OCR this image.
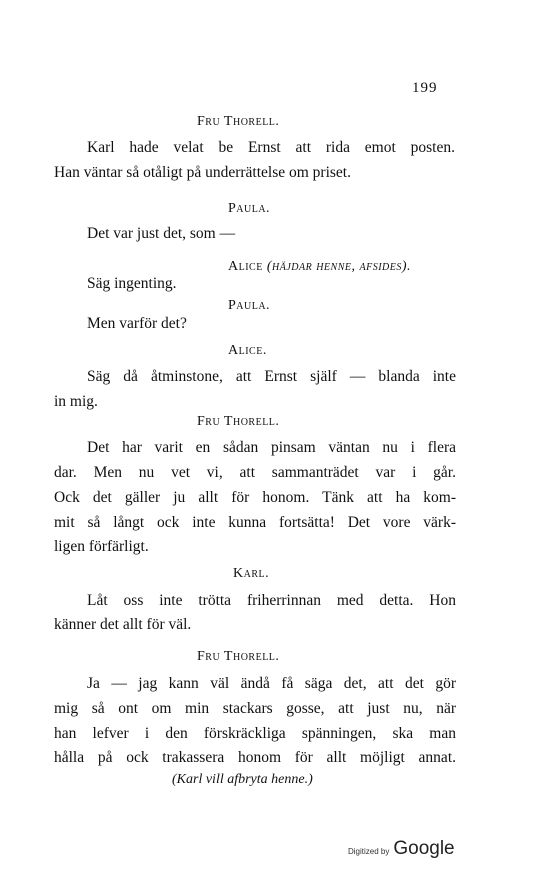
199
Fru Thorell.
Karl hade velat be Ernst att rida emot posten.
Han väntar så otåligt på underrättelse om priset.
Paula.
Det var just det, som —
Alice (häjdar henne, afsides).
Säg ingenting.
Paula.
Men varför det?
Alice.
Säg då åtminstone, att Ernst själf — blanda inte
in mig.
Fru Thorell.
Det har varit en sådan pinsam väntan nu i flera
dar. Men nu vet vi, att sammanträdet var i går.
Ock det gäller ju allt för honom. Tänk att ha kom-
mit så långt ock inte kunna fortsätta! Det vore värk-
ligen förfärligt.
Karl.
Låt oss inte trötta friherrinnan med detta. Hon
känner det allt för väl.
Fru Thorell.
Ja — jag kann väl ändå få säga det, att det gör
mig så ont om min stackars gosse, att just nu, när
han lefver i den förskräckliga spänningen, ska man
hålla på ock trakassera honom för allt möjligt annat.
(Karl vill afbryta henne.)
Digitized by Google
